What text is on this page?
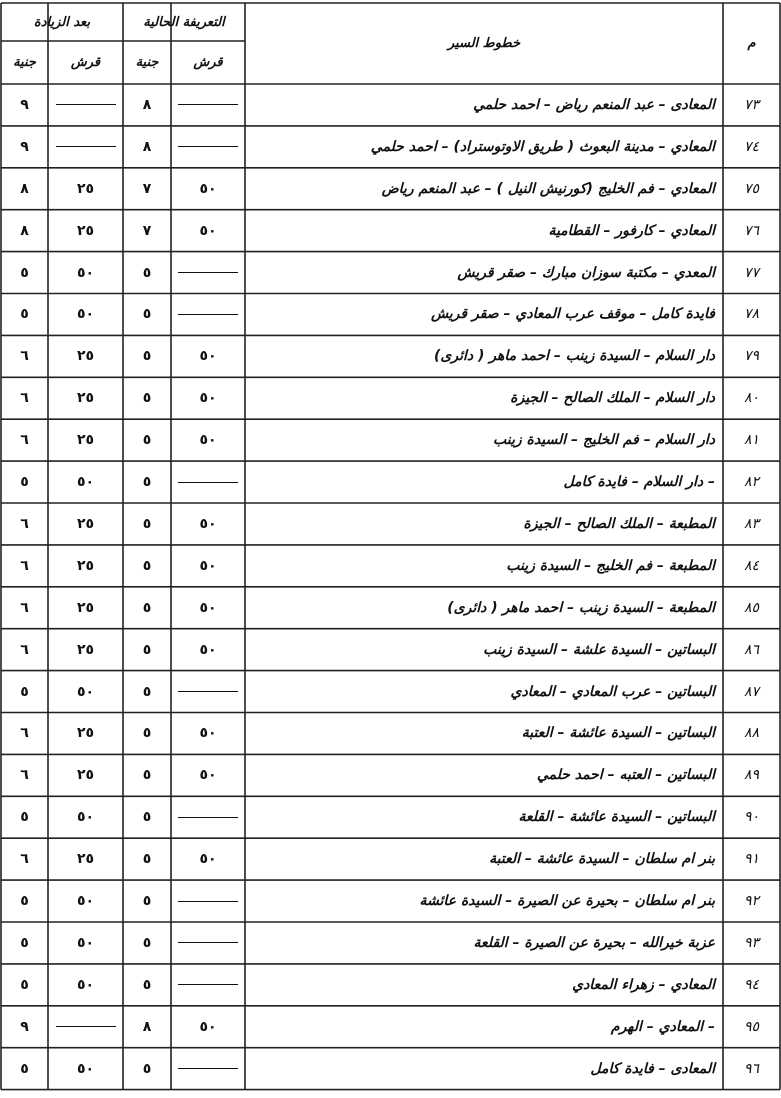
م
خطوط السير
التعريفة الحالية
بعد الزيادة
قرش
جنية
قرش
جنية
٧٣
المعادى – عبد المنعم رياض – احمد حلمي
٨
٩
٧٤
المعادي – مدينة البعوث ( طريق الاوتوستراد) – احمد حلمي
٨
٩
٧٥
المعادي – فم الخليج (كورنيش النيل ) – عبد المنعم رياض
٥٠
٧
٢٥
٨
٧٦
المعادي – كارفور – القطامية
٥٠
٧
٢٥
٨
٧٧
المعدي – مكتبة سوزان مبارك – صقر قريش
٥
٥٠
٥
٧٨
فايدة كامل – موقف عرب المعادي – صقر قريش
٥
٥٠
٥
٧٩
دار السلام – السيدة زينب – احمد ماهر ( دائرى)
٥٠
٥
٢٥
٦
٨٠
دار السلام – الملك الصالح – الجيزة
٥٠
٥
٢٥
٦
٨١
دار السلام – فم الخليج – السيدة زينب
٥٠
٥
٢٥
٦
٨٢
دار السلام – فايدة كامل –
٥
٥٠
٥
٨٣
المطبعة – الملك الصالح – الجيزة
٥٠
٥
٢٥
٦
٨٤
المطبعة – فم الخليج – السيدة زينب
٥٠
٥
٢٥
٦
٨٥
المطبعة – السيدة زينب – احمد ماهر ( دائرى)
٥٠
٥
٢٥
٦
٨٦
البساتين – السيدة علشة – السيدة زينب
٥٠
٥
٢٥
٦
٨٧
البساتين – عرب المعادي – المعادي
٥
٥٠
٥
٨٨
البساتين – السيدة عائشة – العتبة
٥٠
٥
٢٥
٦
٨٩
البساتين – العتبه – احمد حلمي
٥٠
٥
٢٥
٦
٩٠
البساتين – السيدة عائشة – القلعة
٥
٥٠
٥
٩١
بنر ام سلطان – السيدة عائشة – العتبة
٥٠
٥
٢٥
٦
٩٢
بنر ام سلطان – بحيرة عن الصيرة – السيدة عائشة
٥
٥٠
٥
٩٣
عزبة خيرالله – بحيرة عن الصيرة – القلعة
٥
٥٠
٥
٩٤
المعادي – زهراء المعادي
٥
٥٠
٥
٩٥
المعادي – الهرم –
٥٠
٨
٩
٩٦
المعادى – فايدة كامل
٥
٥٠
٥
